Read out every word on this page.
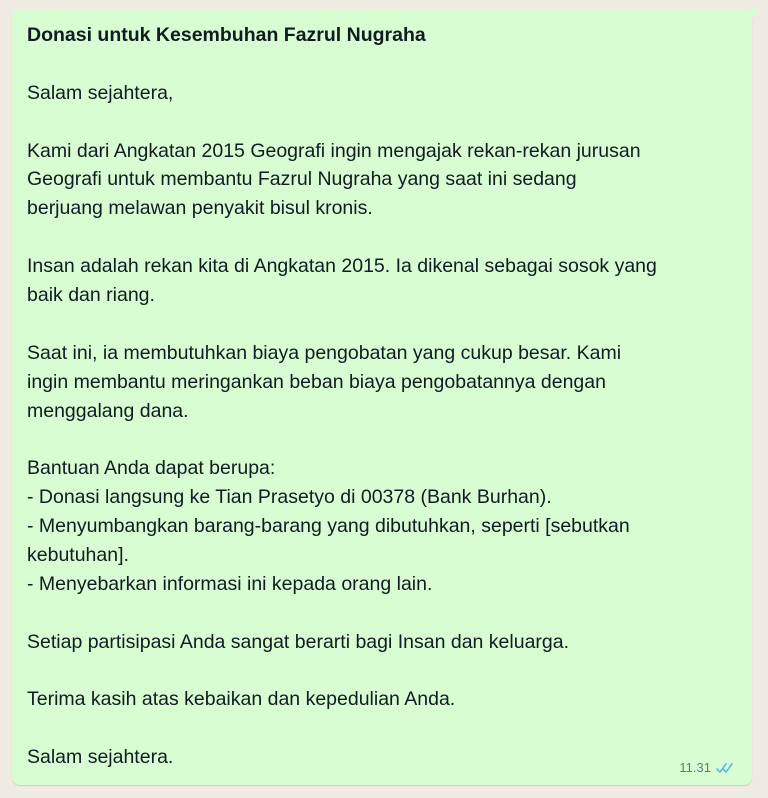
Donasi untuk Kesembuhan Fazrul Nugraha
Salam sejahtera,
Kami dari Angkatan 2015 Geografi ingin mengajak rekan-rekan jurusan
Geografi untuk membantu Fazrul Nugraha yang saat ini sedang
berjuang melawan penyakit bisul kronis.
Insan adalah rekan kita di Angkatan 2015. Ia dikenal sebagai sosok yang
baik dan riang.
Saat ini, ia membutuhkan biaya pengobatan yang cukup besar. Kami
ingin membantu meringankan beban biaya pengobatannya dengan
menggalang dana.
Bantuan Anda dapat berupa:
- Donasi langsung ke Tian Prasetyo di 00378 (Bank Burhan).
- Menyumbangkan barang-barang yang dibutuhkan, seperti [sebutkan
kebutuhan].
- Menyebarkan informasi ini kepada orang lain.
Setiap partisipasi Anda sangat berarti bagi Insan dan keluarga.
Terima kasih atas kebaikan dan kepedulian Anda.
Salam sejahtera.	11.31
